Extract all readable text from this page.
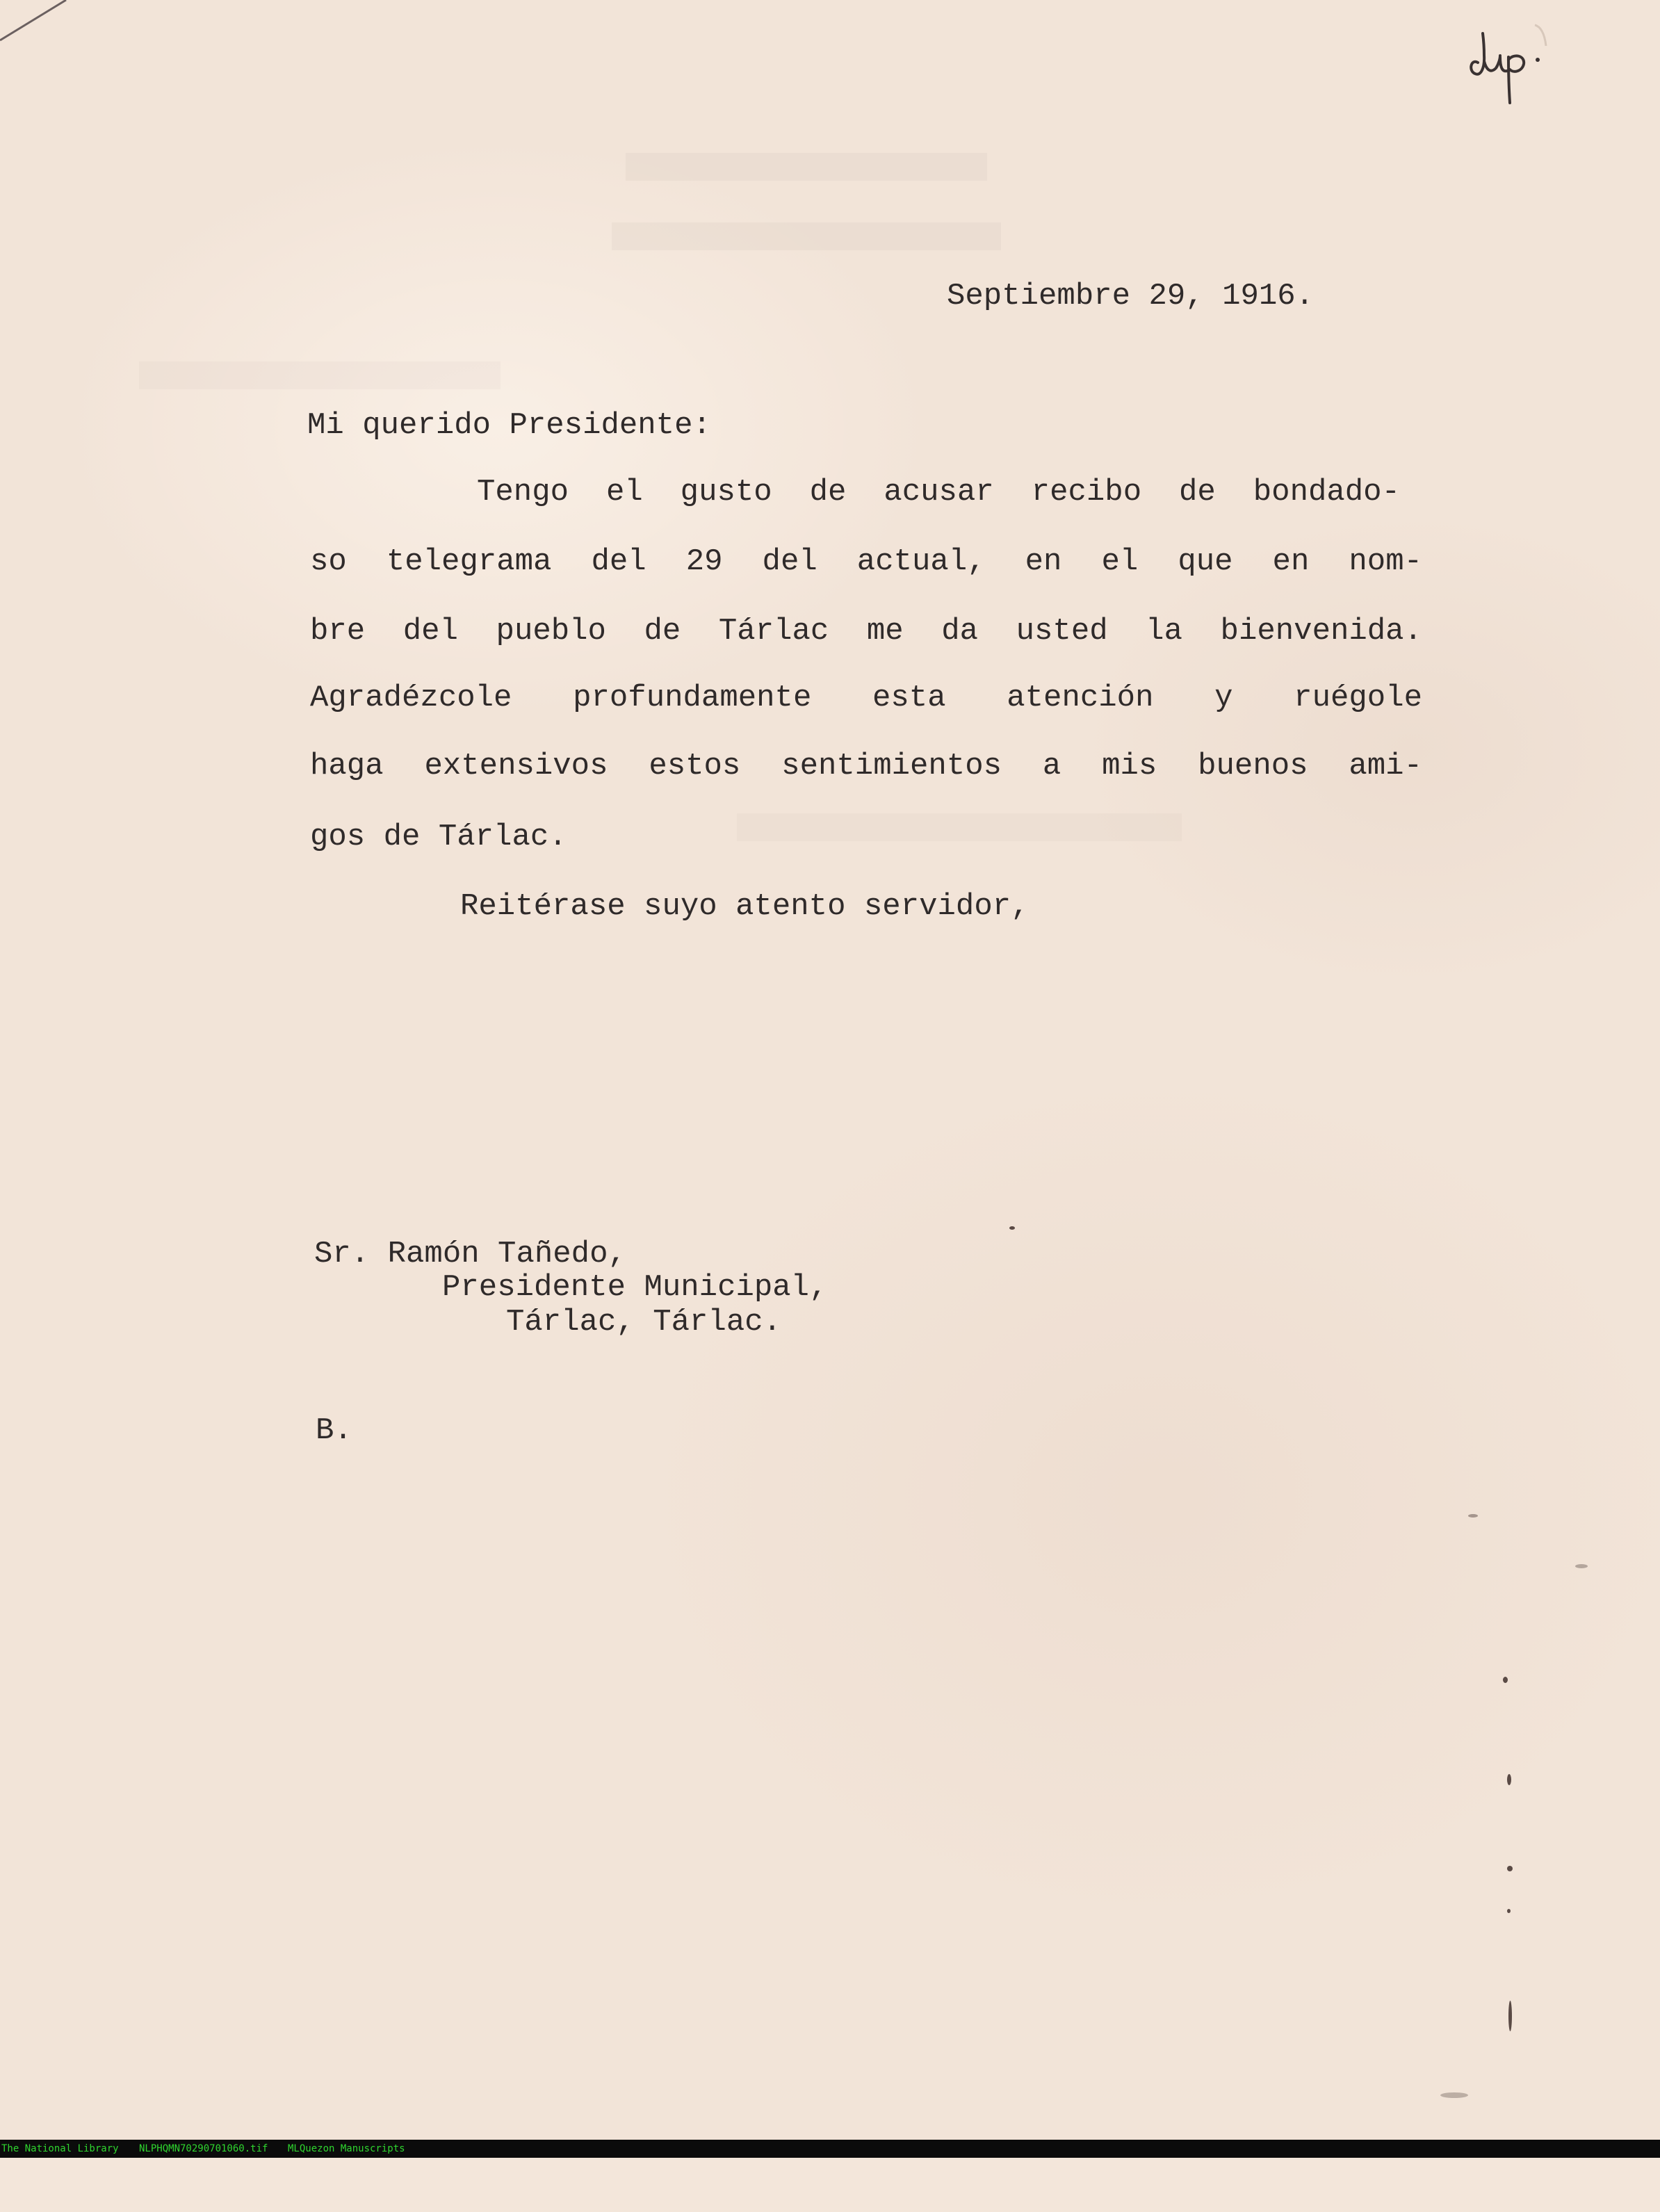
Septiembre 29, 1916.
Mi querido Presidente:
Tengo el gusto de acusar recibo de bondado-
so telegrama del 29 del actual, en el que en nom-
bre del pueblo de Tárlac me da usted la bienvenida.
Agradézcole profundamente esta atención y ruégole
haga extensivos estos sentimientos a mis buenos ami-
gos de Tárlac.
Reitérase suyo atento servidor,
Sr. Ramón Tañedo,
Presidente Municipal,
Tárlac, Tárlac.
B.

The National Library

NLPHQMN70290701060.tif

MLQuezon Manuscripts
